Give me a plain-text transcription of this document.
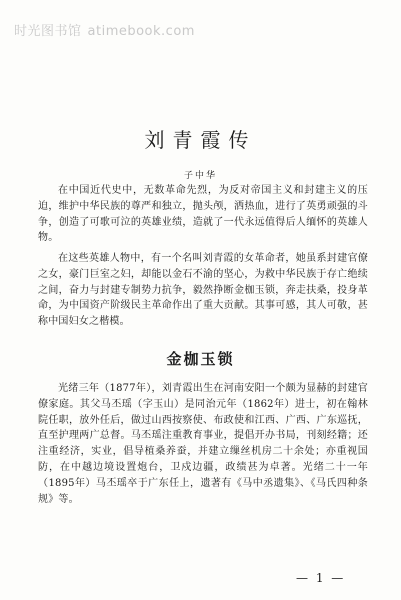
时光图书馆 atimebook.com
刘青霞传
子中华

在中国近代史中，无数革命先烈，为反对帝国主义和封建主义的压迫，维护中华民族的尊严和独立，抛头颅，洒热血，进行了英勇顽强的斗争，创造了可歌可泣的英雄业绩，造就了一代永远值得后人缅怀的英雄人物。

在这些英雄人物中，有一个名叫刘青霞的女革命者，她虽系封建官僚之女，豪门巨室之妇，却能以金石不渝的坚心，为救中华民族于存亡绝续之间，奋力与封建专制势力抗争，毅然挣断金枷玉锁，奔走扶桑，投身革命，为中国资产阶级民主革命作出了重大贡献。其事可感，其人可敬，甚称中国妇女之楷模。

金枷玉锁

光绪三年（1877年），刘青霞出生在河南安阳一个颇为显赫的封建官僚家庭。其父马丕瑶（字玉山）是同治元年（1862年）进士，初在翰林院任职，放外任后，做过山西按察使、布政使和江西、广西、广东巡抚，直至护理两广总督。马丕瑶注重教育事业，提倡开办书局，刊刻经籍；还注重经济，实业，倡导植桑养蚕，并建立缫丝机房二十余处；亦重视国防，在中越边境设置炮台，卫戍边疆，政绩甚为卓著。光绪二十一年（1895年）马丕瑶卒于广东任上，遗著有《马中丞遗集》、《马氏四种条规》等。

— 1 —
